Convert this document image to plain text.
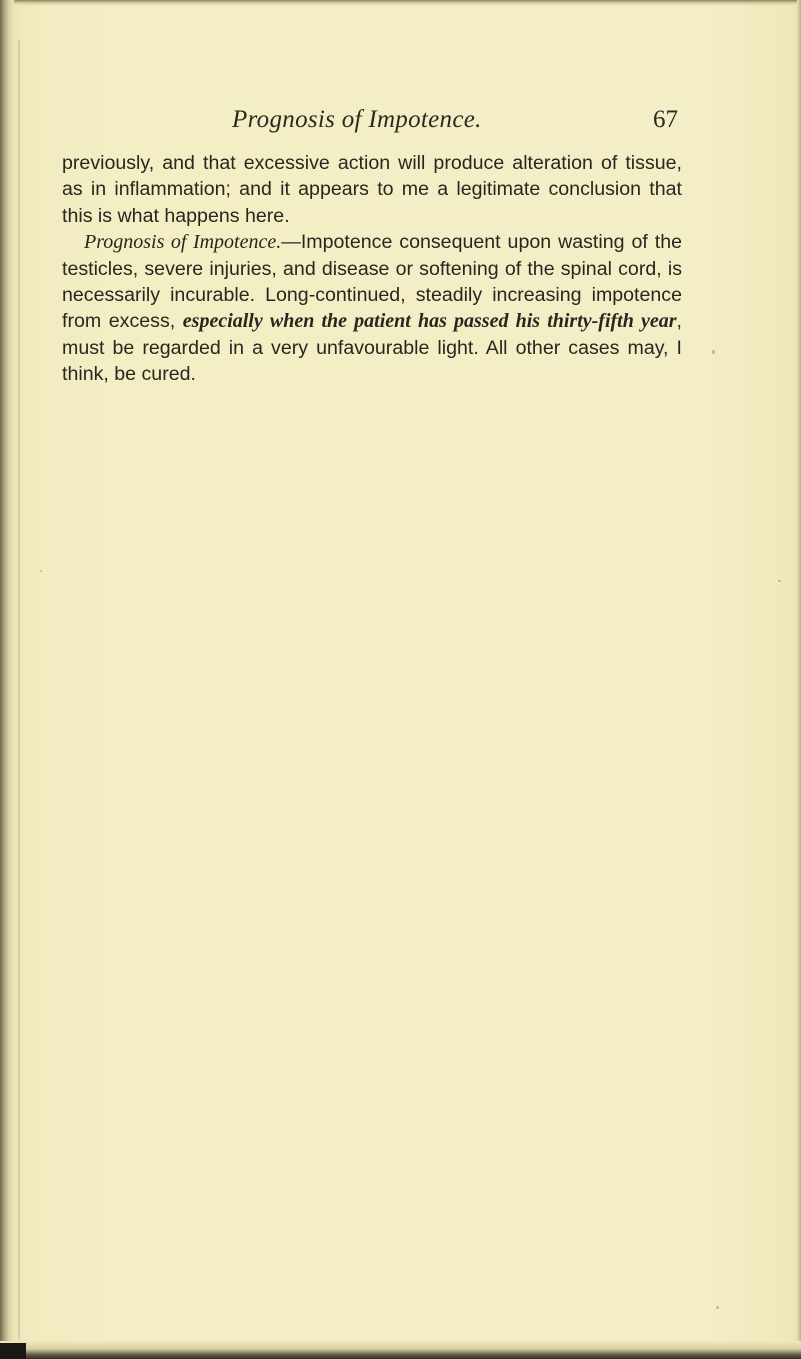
Prognosis of Impotence.	67

previously, and that excessive action will produce alteration of tissue, as in inflammation; and it appears to me a legitimate conclusion that this is what happens here.

Prognosis of Impotence.—Impotence consequent upon wasting of the testicles, severe injuries, and disease or softening of the spinal cord, is necessarily incurable. Long-continued, steadily increasing impotence from excess, especially when the patient has passed his thirty-fifth year, must be regarded in a very unfavourable light. All other cases may, I think, be cured.
